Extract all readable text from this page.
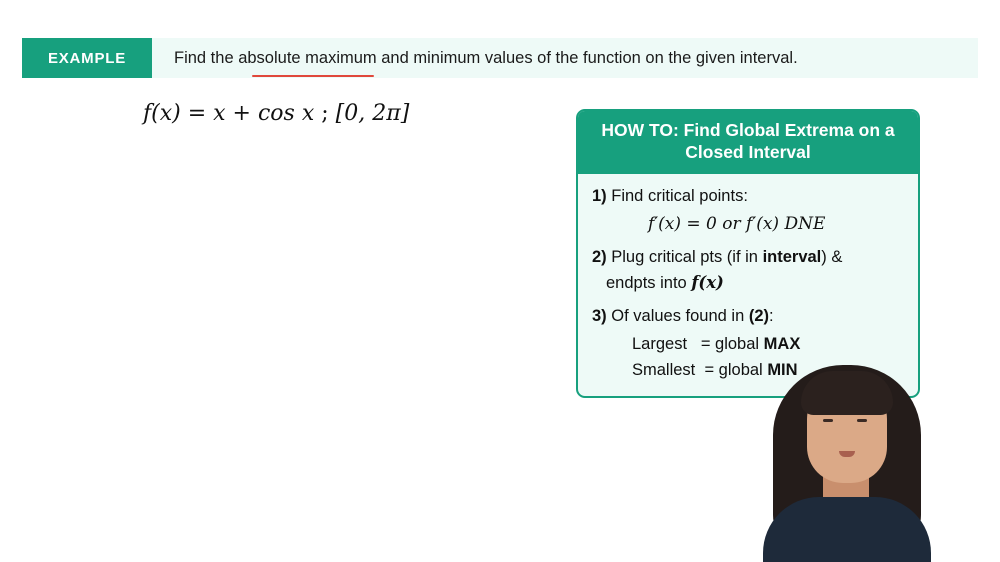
EXAMPLE	Find the absolute maximum and minimum values of the function on the given interval.
f(x) = x + cos x ; [0, 2π]
HOW TO: Find Global Extrema on a Closed Interval
1) Find critical points:
f′(x) = 0 or f′(x) DNE
2) Plug critical pts (if in interval) &
endpts into f(x)
3) Of values found in (2):
Largest = global MAX
Smallest = global MIN
